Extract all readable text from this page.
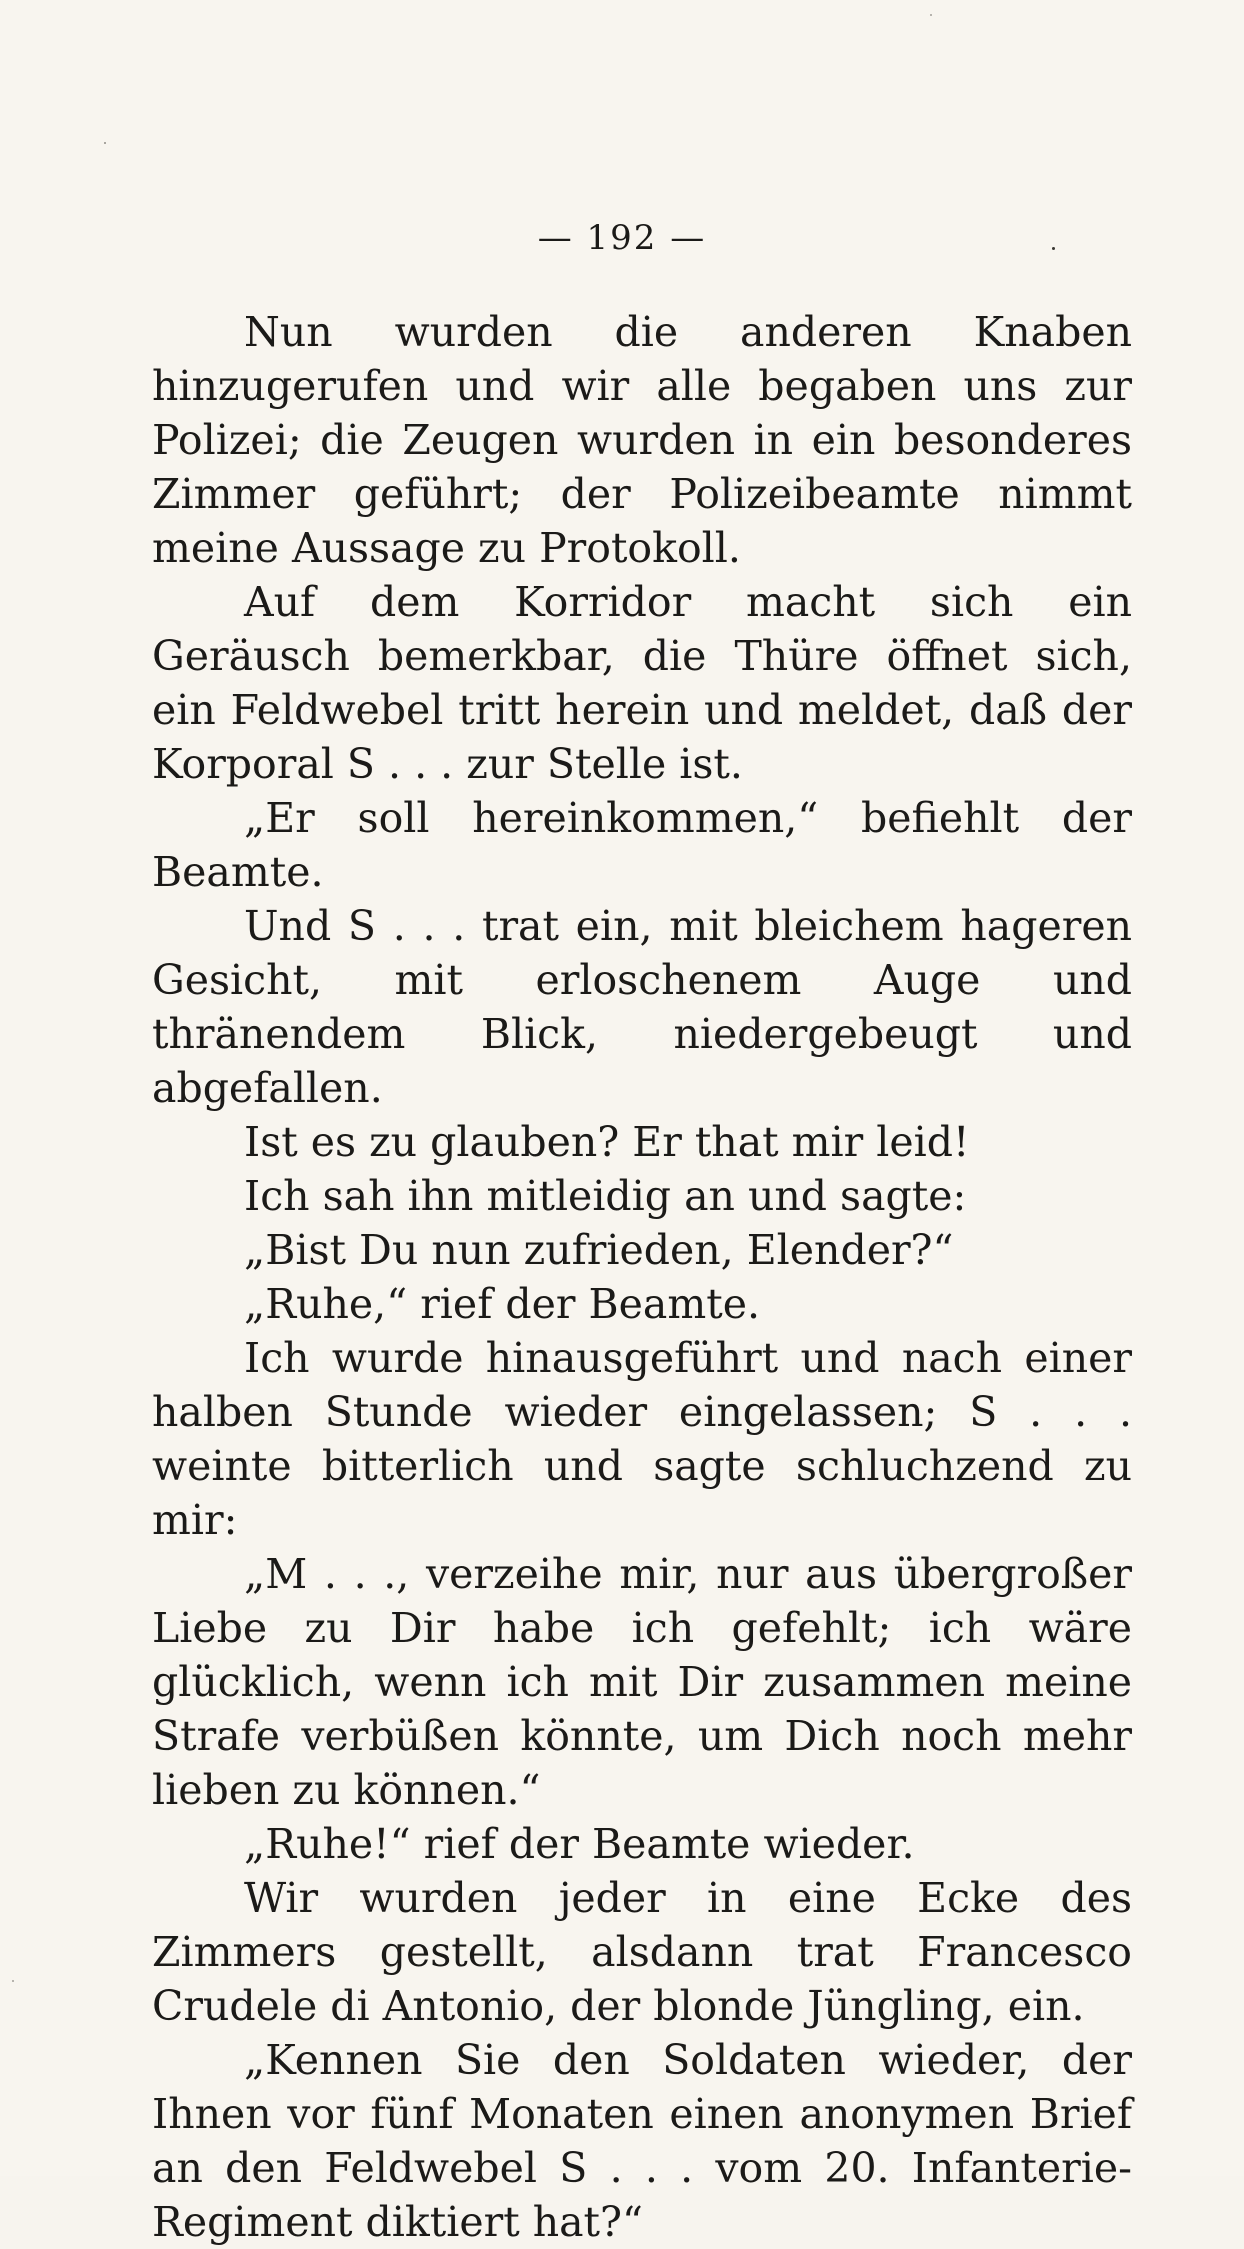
— 192 —

Nun wurden die anderen Knaben hinzugerufen und wir alle begaben uns zur Polizei; die Zeugen wurden in ein besonderes Zimmer geführt; der Polizeibeamte nimmt meine Aussage zu Protokoll.

Auf dem Korridor macht sich ein Geräusch bemerkbar, die Thüre öffnet sich, ein Feldwebel tritt herein und meldet, daß der Korporal S . . . zur Stelle ist.

„Er soll hereinkommen,“ befiehlt der Beamte.

Und S . . . trat ein, mit bleichem hageren Gesicht, mit erloschenem Auge und thränendem Blick, niedergebeugt und abgefallen.

Ist es zu glauben? Er that mir leid!

Ich sah ihn mitleidig an und sagte:

„Bist Du nun zufrieden, Elender?“

„Ruhe,“ rief der Beamte.

Ich wurde hinausgeführt und nach einer halben Stunde wieder eingelassen; S . . . weinte bitterlich und sagte schluchzend zu mir:

„M . . ., verzeihe mir, nur aus übergroßer Liebe zu Dir habe ich gefehlt; ich wäre glücklich, wenn ich mit Dir zusammen meine Strafe verbüßen könnte, um Dich noch mehr lieben zu können.“

„Ruhe!“ rief der Beamte wieder.

Wir wurden jeder in eine Ecke des Zimmers gestellt, alsdann trat Francesco Crudele di Antonio, der blonde Jüngling, ein.

„Kennen Sie den Soldaten wieder, der Ihnen vor fünf Monaten einen anonymen Brief an den Feldwebel S . . . vom 20. Infanterie-Regiment diktiert hat?“
